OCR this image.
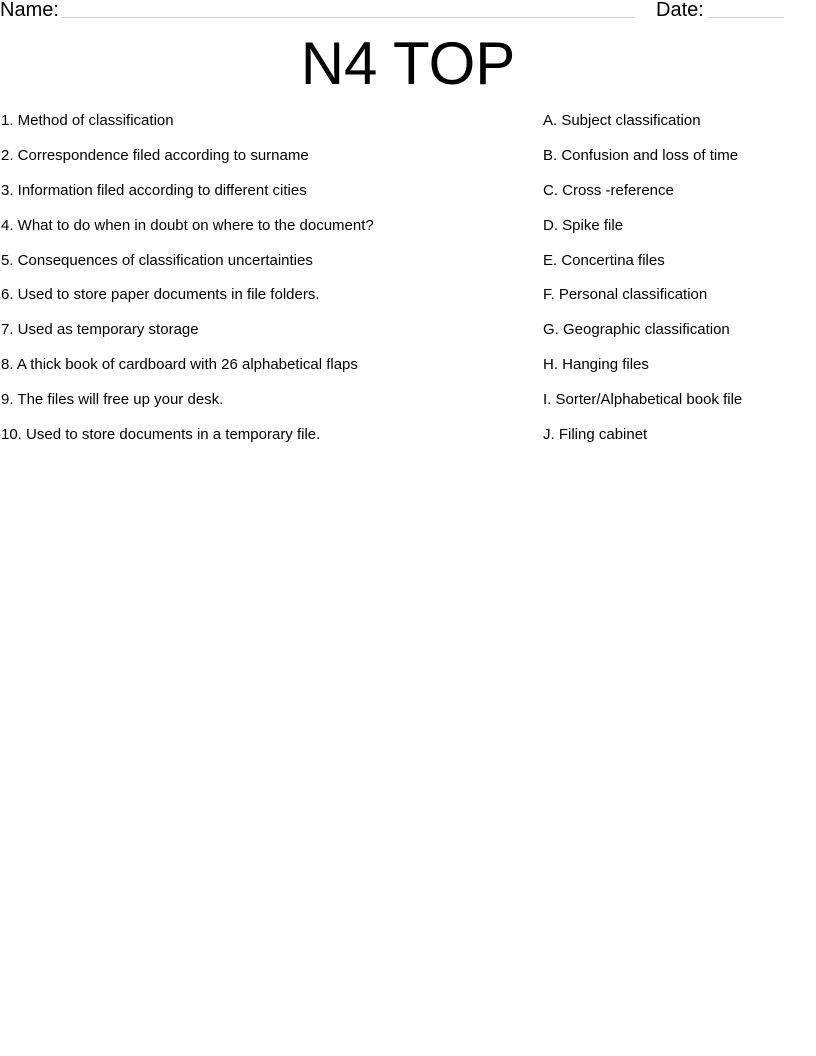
Name:	Date:
N4 TOP
1. Method of classification
2. Correspondence filed according to surname
3. Information filed according to different cities
4. What to do when in doubt on where to the document?
5. Consequences of classification uncertainties
6. Used to store paper documents in file folders.
7. Used as temporary storage
8. A thick book of cardboard with 26 alphabetical flaps
9. The files will free up your desk.
10. Used to store documents in a temporary file.
A. Subject classification
B. Confusion and loss of time
C. Cross -reference
D. Spike file
E. Concertina files
F. Personal classification
G. Geographic classification
H. Hanging files
I. Sorter/Alphabetical book file
J. Filing cabinet
